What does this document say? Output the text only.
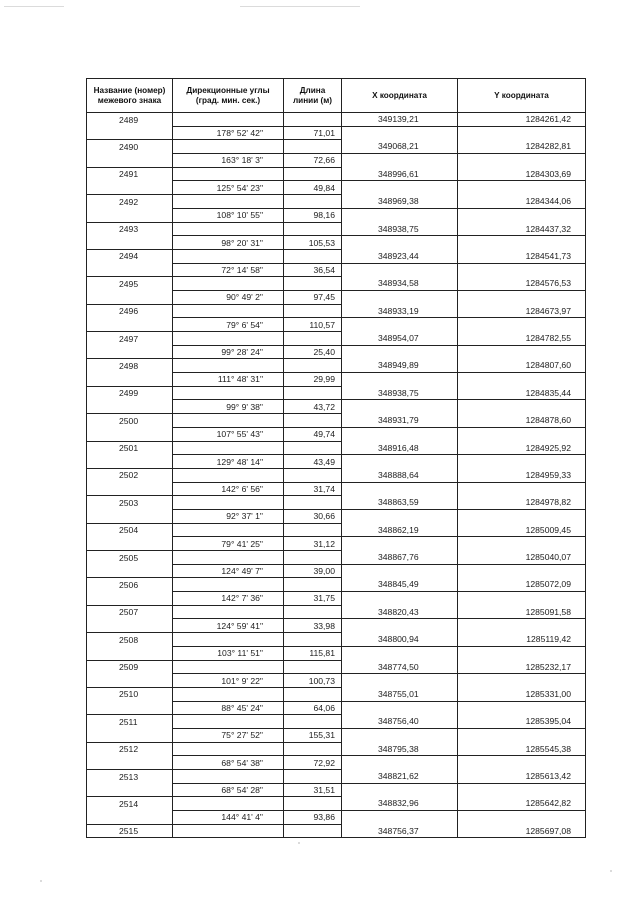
Название (номер) межевого знака	Дирекционные углы (град. мин. сек.)	Длина линии (м)	X координата	Y координата
2489			349139,21	1284261,42
	178° 52' 42"	71,01		
2490			349068,21	1284282,81
	163° 18' 3"	72,66		
2491			348996,61	1284303,69
	125° 54' 23"	49,84		
2492			348969,38	1284344,06
	108° 10' 55"	98,16		
2493			348938,75	1284437,32
	98° 20' 31"	105,53		
2494			348923,44	1284541,73
	72° 14' 58"	36,54		
2495			348934,58	1284576,53
	90° 49' 2"	97,45		
2496			348933,19	1284673,97
	79° 6' 54"	110,57		
2497			348954,07	1284782,55
	99° 28' 24"	25,40		
2498			348949,89	1284807,60
	111° 48' 31"	29,99		
2499			348938,75	1284835,44
	99° 9' 38"	43,72		
2500			348931,79	1284878,60
	107° 55' 43"	49,74		
2501			348916,48	1284925,92
	129° 48' 14"	43,49		
2502			348888,64	1284959,33
	142° 6' 56"	31,74		
2503			348863,59	1284978,82
	92° 37' 1"	30,66		
2504			348862,19	1285009,45
	79° 41' 25"	31,12		
2505			348867,76	1285040,07
	124° 49' 7"	39,00		
2506			348845,49	1285072,09
	142° 7' 36"	31,75		
2507			348820,43	1285091,58
	124° 59' 41"	33,98		
2508			348800,94	1285119,42
	103° 11' 51"	115,81		
2509			348774,50	1285232,17
	101° 9' 22"	100,73		
2510			348755,01	1285331,00
	88° 45' 24"	64,06		
2511			348756,40	1285395,04
	75° 27' 52"	155,31		
2512			348795,38	1285545,38
	68° 54' 38"	72,92		
2513			348821,62	1285613,42
	68° 54' 28"	31,51		
2514			348832,96	1285642,82
	144° 41' 4"	93,86		
2515			348756,37	1285697,08
